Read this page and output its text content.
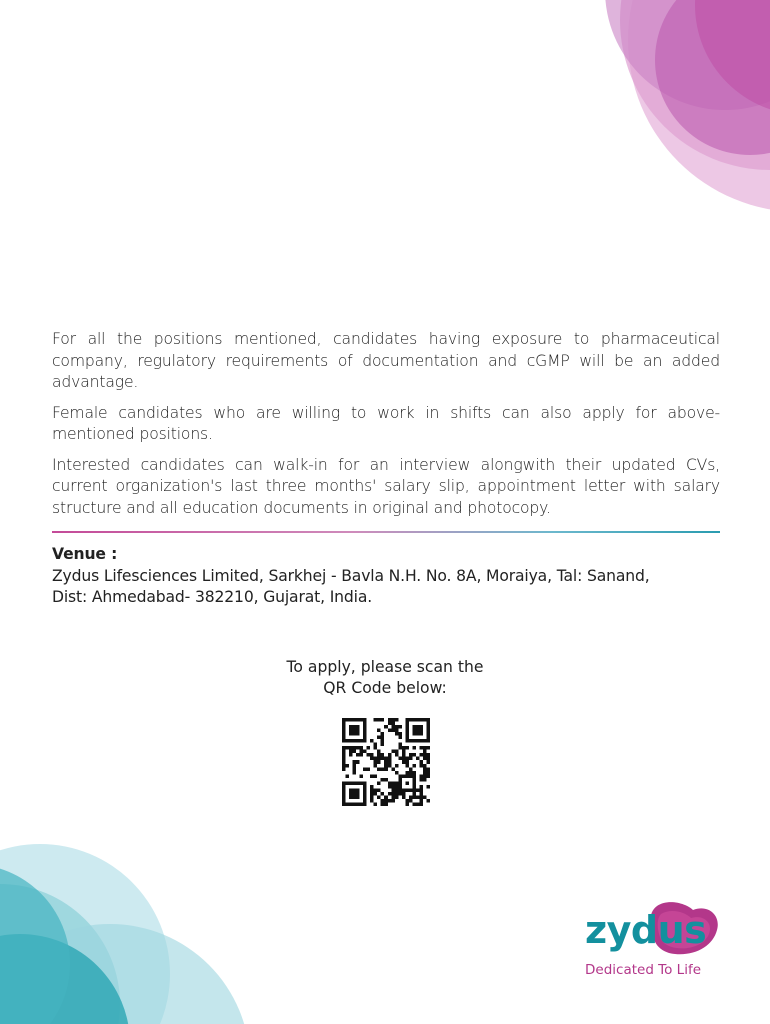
For all the positions mentioned, candidates having exposure to pharmaceutical company, regulatory requirements of documentation and cGMP will be an added advantage.

Female candidates who are willing to work in shifts can also apply for above-mentioned positions.

Interested candidates can walk-in for an interview alongwith their updated CVs, current organization's last three months' salary slip, appointment letter with salary structure and all education documents in original and photocopy.

Venue :

Zydus Lifesciences Limited, Sarkhej - Bavla N.H. No. 8A, Moraiya, Tal: Sanand,

Dist: Ahmedabad- 382210, Gujarat, India.

To apply, please scan the
QR Code below:
zydus
Dedicated To Life
